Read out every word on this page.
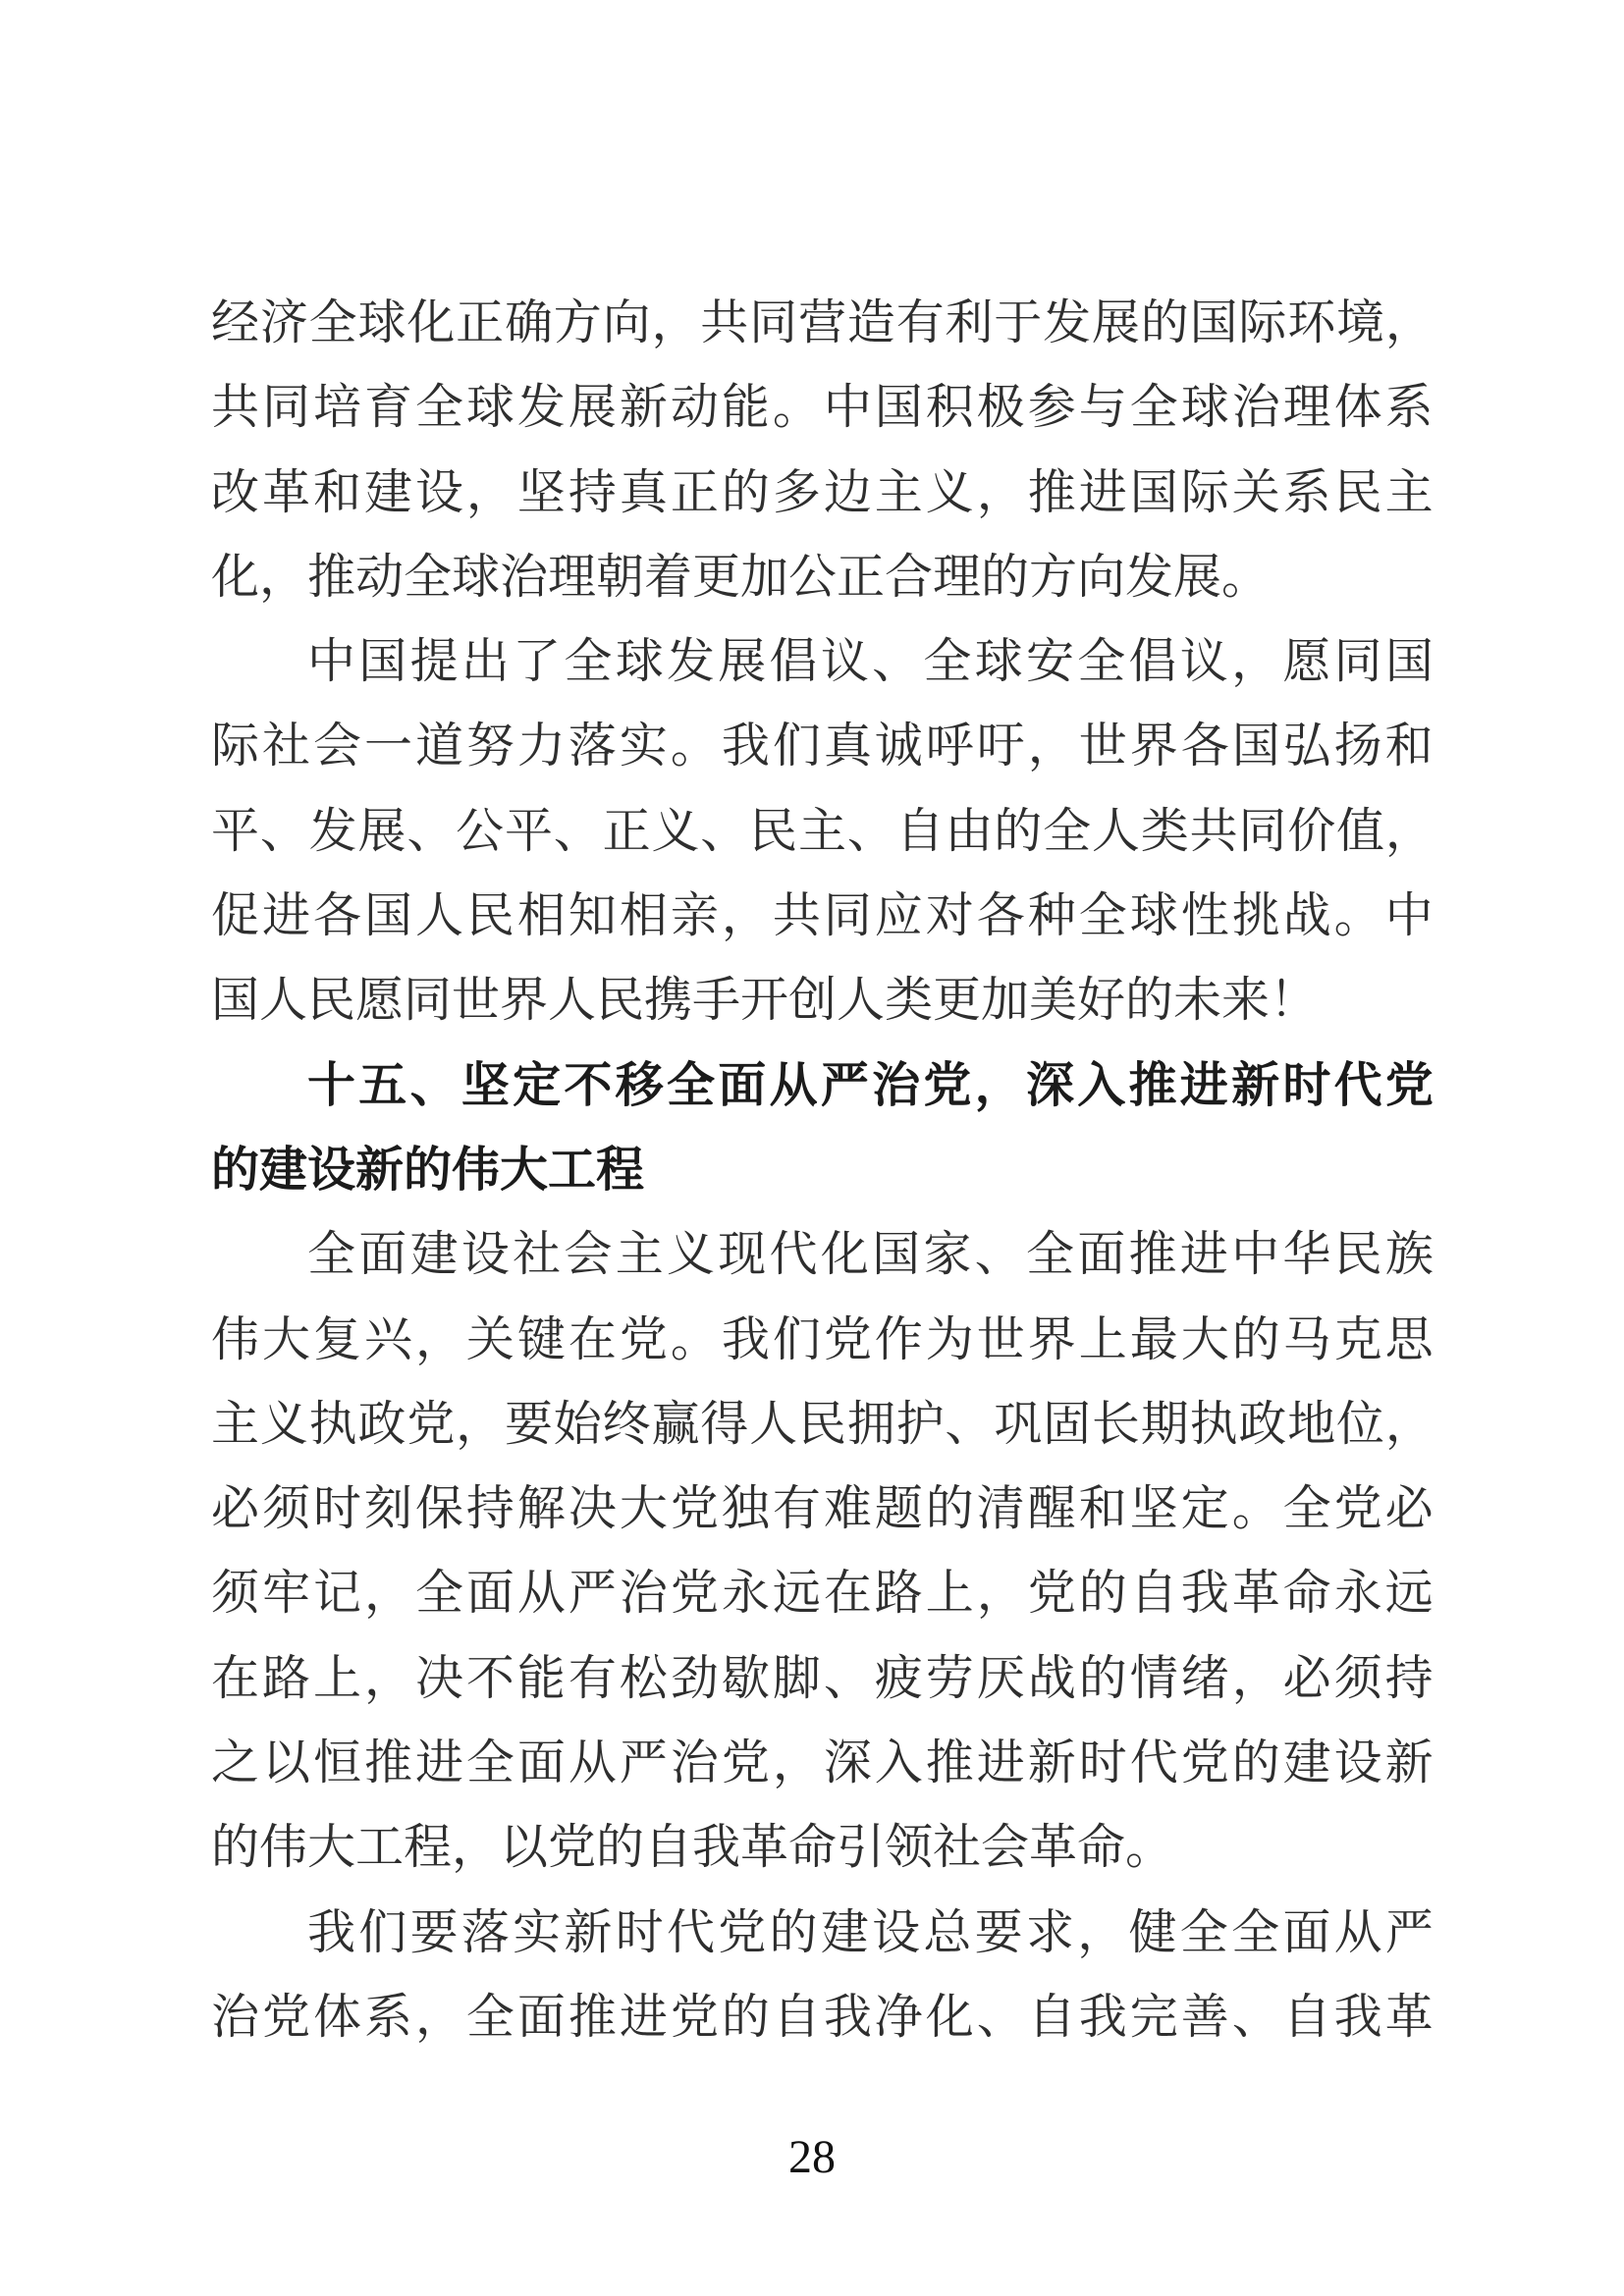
经 济 全 球 化 正 确 方 向 ， 共 同 营 造 有 利 于 发 展 的 国 际 环 境 ，
共 同 培 育 全 球 发 展 新 动 能 。 中 国 积 极 参 与 全 球 治 理 体 系
改 革 和 建 设 ， 坚 持 真 正 的 多 边 主 义 ， 推 进 国 际 关 系 民 主
化，推动全球治理朝着更加公正合理的方向发展。
中 国 提 出 了 全 球 发 展 倡 议 、 全 球 安 全 倡 议 ， 愿 同 国
际 社 会 一 道 努 力 落 实 。 我 们 真 诚 呼 吁 ， 世 界 各 国 弘 扬 和
平 、 发 展 、 公 平 、 正 义 、 民 主 、 自 由 的 全 人 类 共 同 价 值 ，
促 进 各 国 人 民 相 知 相 亲 ， 共 同 应 对 各 种 全 球 性 挑 战 。 中
国人民愿同世界人民携手开创人类更加美好的未来！
十 五 、 坚 定 不 移 全 面 从 严 治 党 ， 深 入 推 进 新 时 代 党
的建设新的伟大工程
全 面 建 设 社 会 主 义 现 代 化 国 家 、 全 面 推 进 中 华 民 族
伟 大 复 兴 ， 关 键 在 党 。 我 们 党 作 为 世 界 上 最 大 的 马 克 思
主 义 执 政 党 ， 要 始 终 赢 得 人 民 拥 护 、 巩 固 长 期 执 政 地 位 ，
必 须 时 刻 保 持 解 决 大 党 独 有 难 题 的 清 醒 和 坚 定 。 全 党 必
须 牢 记 ， 全 面 从 严 治 党 永 远 在 路 上 ， 党 的 自 我 革 命 永 远
在 路 上 ， 决 不 能 有 松 劲 歇 脚 、 疲 劳 厌 战 的 情 绪 ， 必 须 持
之 以 恒 推 进 全 面 从 严 治 党 ， 深 入 推 进 新 时 代 党 的 建 设 新
的伟大工程，以党的自我革命引领社会革命。
我 们 要 落 实 新 时 代 党 的 建 设 总 要 求 ， 健 全 全 面 从 严
治 党 体 系 ， 全 面 推 进 党 的 自 我 净 化 、 自 我 完 善 、 自 我 革
28
